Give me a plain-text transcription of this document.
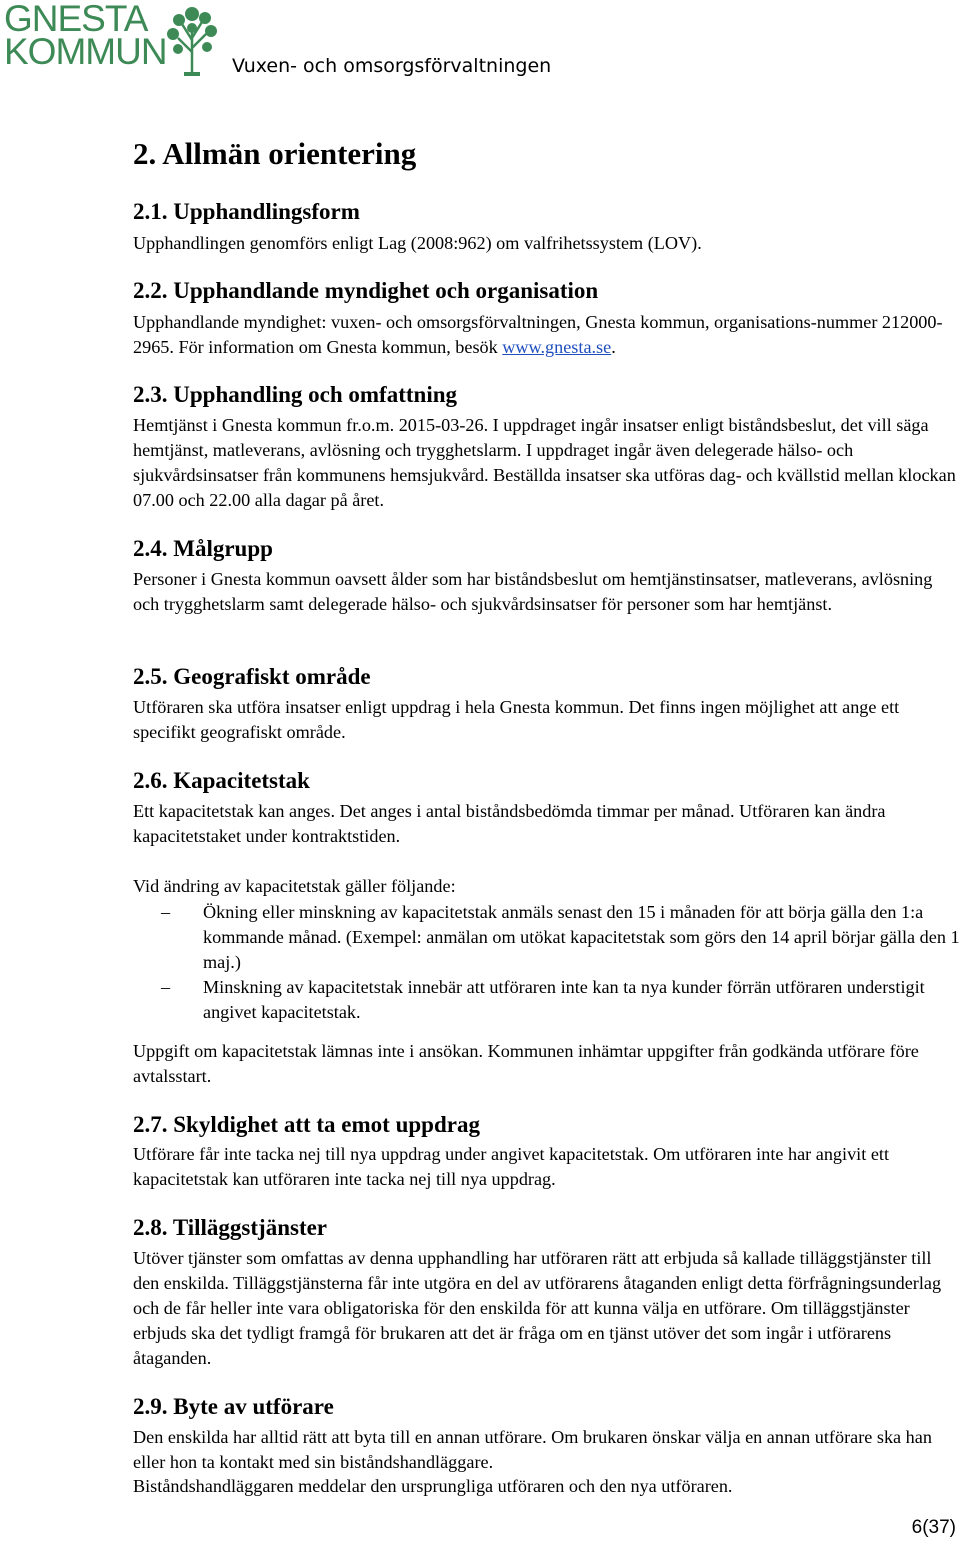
GNESTA
KOMMUN	Vuxen- och omsorgsförvaltningen
2. Allmän orientering
2.1. Upphandlingsform
Upphandlingen genomförs enligt Lag (2008:962) om valfrihetssystem (LOV).
2.2. Upphandlande myndighet och organisation
Upphandlande myndighet: vuxen- och omsorgsförvaltningen, Gnesta kommun, organisations-nummer 212000-2965. För information om Gnesta kommun, besök www.gnesta.se.
2.3. Upphandling och omfattning
Hemtjänst i Gnesta kommun fr.o.m. 2015-03-26. I uppdraget ingår insatser enligt biståndsbeslut, det vill säga hemtjänst, matleverans, avlösning och trygghetslarm. I uppdraget ingår även delegerade hälso- och sjukvårdsinsatser från kommunens hemsjukvård. Beställda insatser ska utföras dag- och kvällstid mellan klockan 07.00 och 22.00 alla dagar på året.
2.4. Målgrupp
Personer i Gnesta kommun oavsett ålder som har biståndsbeslut om hemtjänstinsatser, matleverans, avlösning och trygghetslarm samt delegerade hälso- och sjukvårdsinsatser för personer som har hemtjänst.
2.5. Geografiskt område
Utföraren ska utföra insatser enligt uppdrag i hela Gnesta kommun. Det finns ingen möjlighet att ange ett specifikt geografiskt område.
2.6. Kapacitetstak
Ett kapacitetstak kan anges. Det anges i antal biståndsbedömda timmar per månad. Utföraren kan ändra kapacitetstaket under kontraktstiden.
Vid ändring av kapacitetstak gäller följande:
– Ökning eller minskning av kapacitetstak anmäls senast den 15 i månaden för att börja gälla den 1:a kommande månad. (Exempel: anmälan om utökat kapacitetstak som görs den 14 april börjar gälla den 1 maj.)
– Minskning av kapacitetstak innebär att utföraren inte kan ta nya kunder förrän utföraren understigit angivet kapacitetstak.
Uppgift om kapacitetstak lämnas inte i ansökan. Kommunen inhämtar uppgifter från godkända utförare före avtalsstart.
2.7. Skyldighet att ta emot uppdrag
Utförare får inte tacka nej till nya uppdrag under angivet kapacitetstak. Om utföraren inte har angivit ett kapacitetstak kan utföraren inte tacka nej till nya uppdrag.
2.8. Tilläggstjänster
Utöver tjänster som omfattas av denna upphandling har utföraren rätt att erbjuda så kallade tilläggstjänster till den enskilda. Tilläggstjänsterna får inte utgöra en del av utförarens åtaganden enligt detta förfrågningsunderlag och de får heller inte vara obligatoriska för den enskilda för att kunna välja en utförare. Om tilläggstjänster erbjuds ska det tydligt framgå för brukaren att det är fråga om en tjänst utöver det som ingår i utförarens åtaganden.
2.9. Byte av utförare
Den enskilda har alltid rätt att byta till en annan utförare. Om brukaren önskar välja en annan utförare ska han eller hon ta kontakt med sin biståndshandläggare.
Biståndshandläggaren meddelar den ursprungliga utföraren och den nya utföraren.
6(37)
